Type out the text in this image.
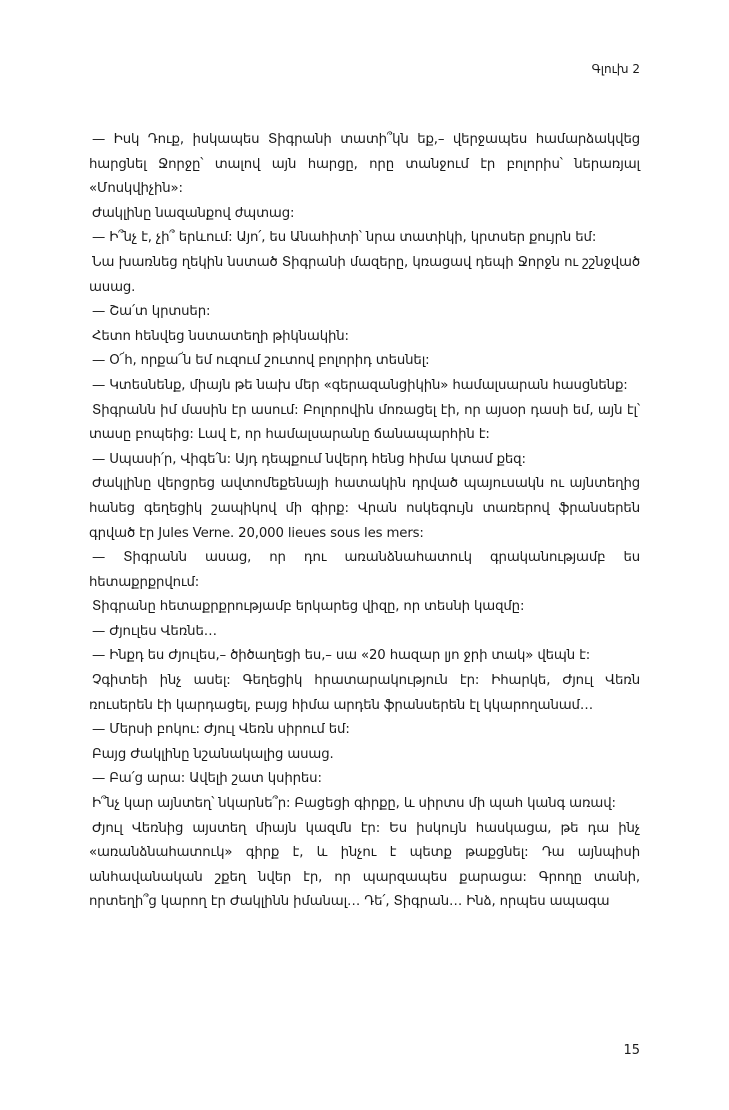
Գլուխ 2

— Իսկ Դուք, իսկապես Տիգրանի տատի՞կն եք,– վերջապես համարձակվեց հարցնել Ջորջը՝ տալով այն հարցը, որը տանջում էր բոլորիս՝ ներառյալ «Մոսկվիչին»:

Ժակլինը նազանքով ժպտաց:

— Ի՞նչ է, չի՞ երևում: Այո՛, ես Անահիտի՝ նրա տատիկի, կրտսեր քույրն եմ:

Նա խառնեց ղեկին նստած Տիգրանի մազերը, կռացավ դեպի Ջորջն ու շշնջված ասաց.

— Շա՛տ կրտսեր:

Հետո հենվեց նստատեղի թիկնակին:

— Օ՜հ, որքա՜ն եմ ուզում շուտով բոլորիդ տեսնել:

— Կտեսնենք, միայն թե նախ մեր «գերազանցիկին» համալսարան հասցնենք:

Տիգրանն իմ մասին էր ասում: Բոլորովին մոռացել էի, որ այսօր դասի եմ, այն էլ՝ տասը բոպեից: Լավ է, որ համալսարանը ճանապարհին է:

— Սպասի՛ր, Վիգե՛ն: Այդ դեպքում նվերդ հենց հիմա կտամ քեզ:

Ժակլինը վերցրեց ավտոմեքենայի հատակին դրված պայուսակն ու այնտեղից հանեց գեղեցիկ շապիկով մի գիրք: Վրան ոսկեգույն տառերով ֆրանսերեն գրված էր Jules Verne. 20,000 lieues sous les mers:

— Տիգրանն ասաց, որ դու առանձնահատուկ գրականությամբ ես հետաքրքրվում:

Տիգրանը հետաքրքրությամբ երկարեց վիզը, որ տեսնի կազմը:

— Ժյուլես Վեռնե…

— Ինքդ ես Ժյուլես,– ծիծաղեցի ես,– սա «20 հազար լյո ջրի տակ» վեպն է:

Չգիտեի ինչ ասել: Գեղեցիկ հրատարակություն էր: Իհարկե, Ժյուլ Վեռն ռուսերեն էի կարդացել, բայց հիմա արդեն ֆրանսերեն էլ կկարողանամ…

— Մերսի բոկու: Ժյուլ Վեռն սիրում եմ:

Բայց Ժակլինը նշանակալից ասաց.

— Բա՛ց արա: Ավելի շատ կսիրես:

Ի՞նչ կար այնտեղ՝ նկարնե՞ր: Բացեցի գիրքը, և սիրտս մի պահ կանգ առավ:

Ժյուլ Վեռնից այստեղ միայն կազմն էր: Ես իսկույն հասկացա, թե դա ինչ «առանձնահատուկ» գիրք է, և ինչու է պետք թաքցնել: Դա այնպիսի անհավանական շքեղ նվեր էր, որ պարզապես քարացա: Գրողը տանի, որտեղի՞ց կարող էր Ժակլինն իմանալ… Դե՛, Տիգրան… Ինձ, որպես ապագա

15
